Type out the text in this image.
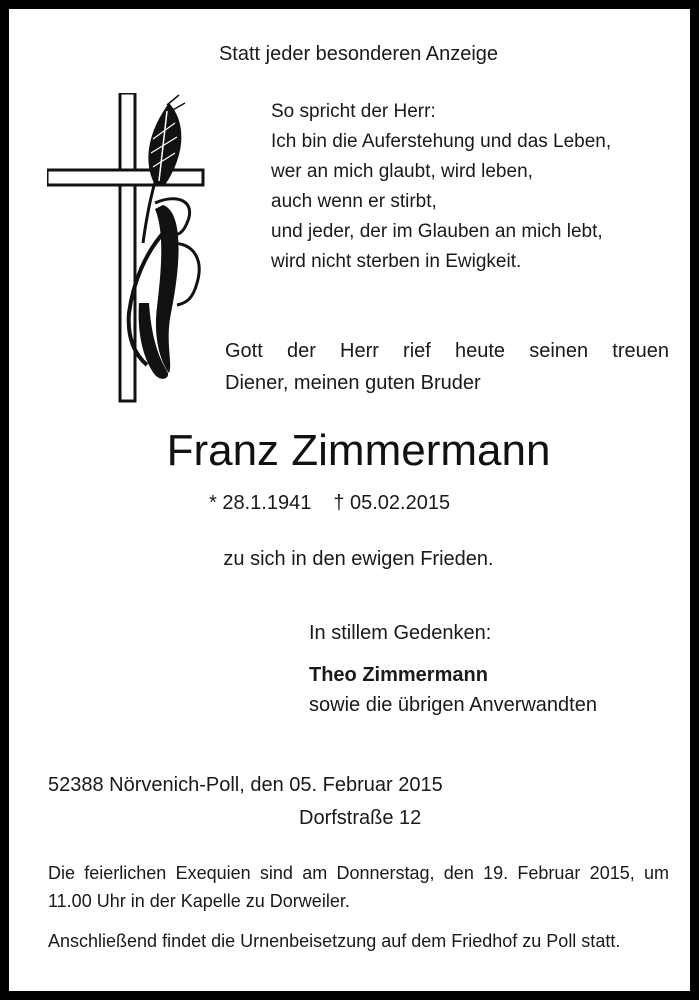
Statt jeder besonderen Anzeige
So spricht der Herr:
Ich bin die Auferstehung und das Leben,
wer an mich glaubt, wird leben,
auch wenn er stirbt,
und jeder, der im Glauben an mich lebt,
wird nicht sterben in Ewigkeit.
Gott der Herr rief heute seinen treuen
Diener, meinen guten Bruder
Franz Zimmermann
* 28.1.1941 † 05.02.2015
zu sich in den ewigen Frieden.
In stillem Gedenken:
Theo Zimmermann
sowie die übrigen Anverwandten
52388 Nörvenich-Poll, den 05. Februar 2015
Dorfstraße 12
Die feierlichen Exequien sind am Donnerstag, den 19. Februar 2015, um 11.00 Uhr in der Kapelle zu Dorweiler.
Anschließend findet die Urnenbeisetzung auf dem Friedhof zu Poll statt.
